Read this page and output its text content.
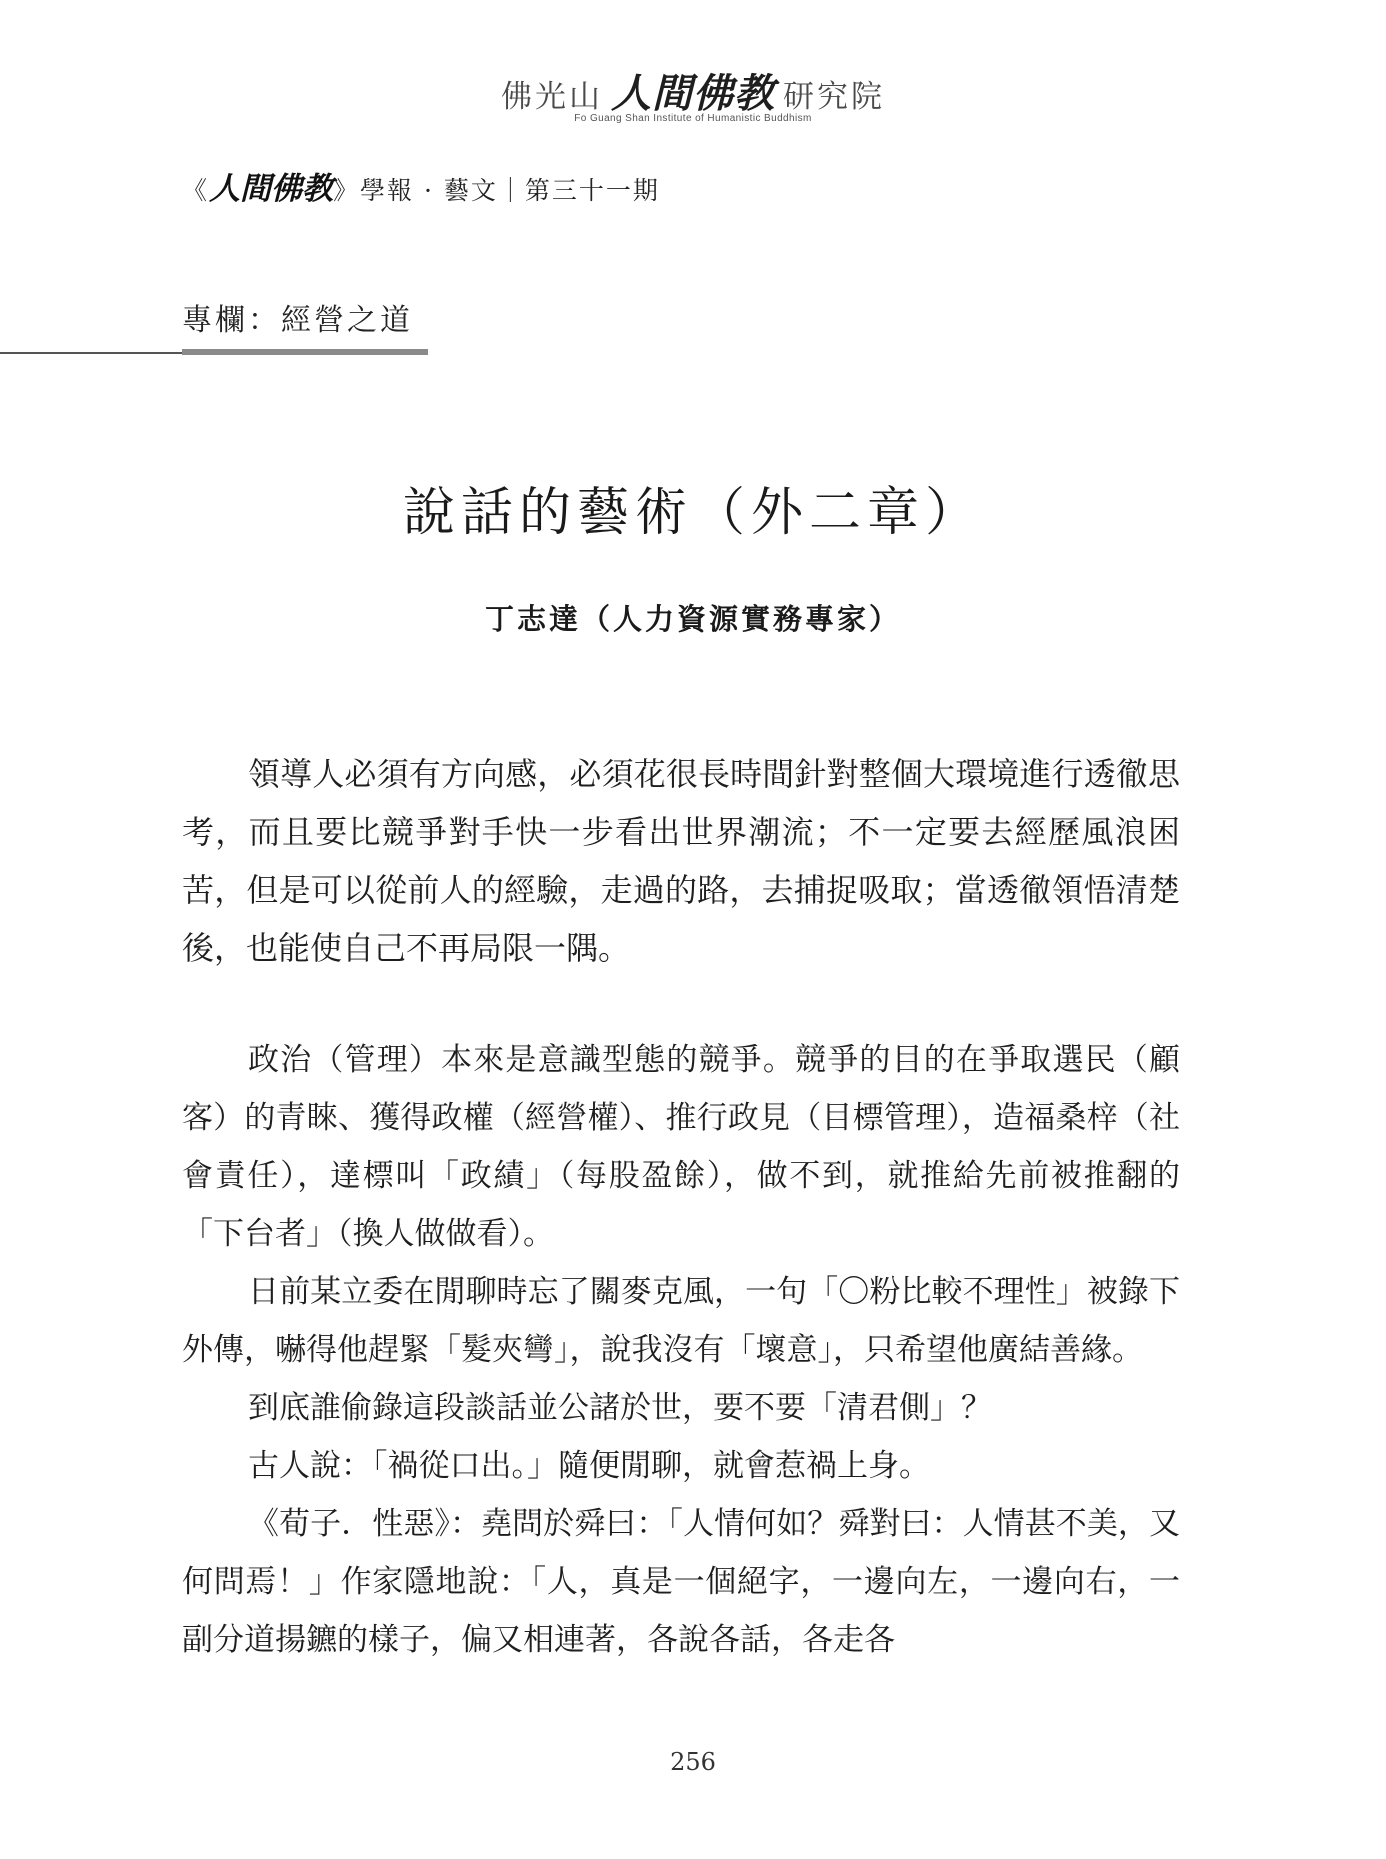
佛光山 人間佛教 研究院
Fo Guang Shan Institute of Humanistic Buddhism
《人間佛教》學報 · 藝文｜第三十一期
專欄：經營之道
說話的藝術（外二章）
丁志達（人力資源實務專家）

領導人必須有方向感，必須花很長時間針對整個大環境進行透徹思考，而且要比競爭對手快一步看出世界潮流；不一定要去經歷風浪困苦，但是可以從前人的經驗，走過的路，去捕捉吸取；當透徹領悟清楚後，也能使自己不再局限一隅。

政治（管理）本來是意識型態的競爭。競爭的目的在爭取選民（顧客）的青睞、獲得政權（經營權）、推行政見（目標管理），造福桑梓（社會責任），達標叫「政績」（每股盈餘），做不到，就推給先前被推翻的「下台者」（換人做做看）。

日前某立委在閒聊時忘了關麥克風，一句「〇粉比較不理性」被錄下外傳，嚇得他趕緊「髮夾彎」，說我沒有「壞意」，只希望他廣結善緣。

到底誰偷錄這段談話並公諸於世，要不要「清君側」？

古人說：「禍從口出。」隨便閒聊，就會惹禍上身。

《荀子．性惡》：堯問於舜曰：「人情何如？舜對曰：人情甚不美，又何問焉！」作家隱地說：「人，真是一個絕字，一邊向左，一邊向右，一副分道揚鑣的樣子，偏又相連著，各說各話，各走各

256
